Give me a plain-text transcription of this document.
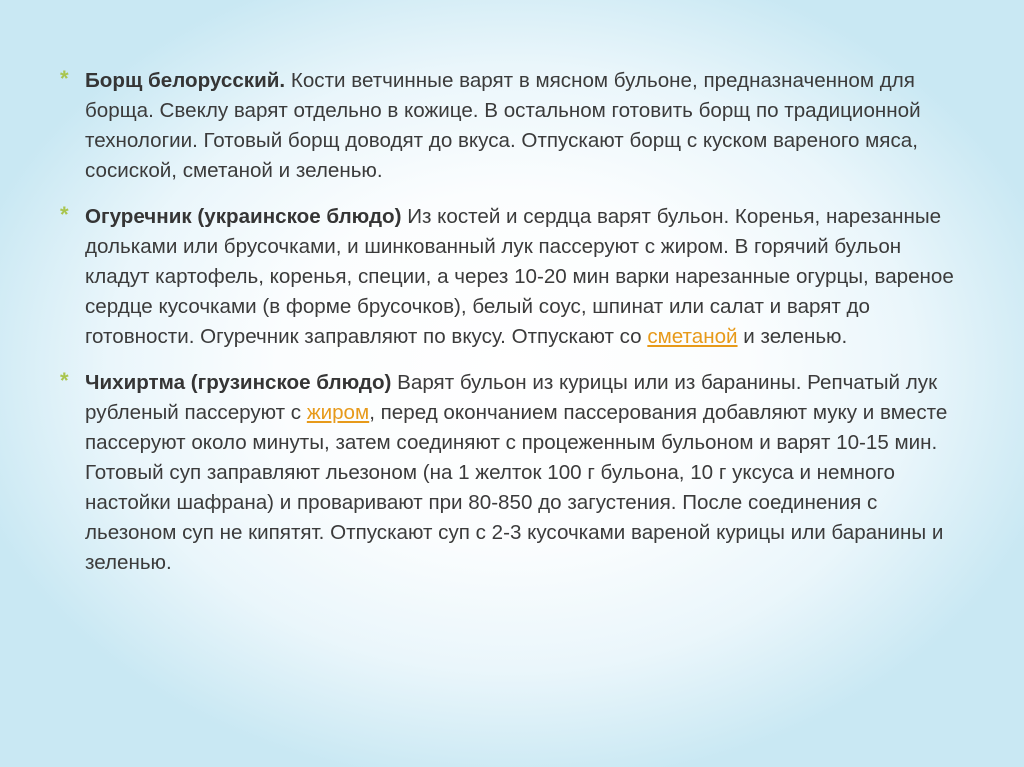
* Борщ белорусский. Кости ветчинные варят в мясном бульоне, предназначенном для борща. Свеклу варят отдельно в кожице. В остальном готовить борщ по традиционной технологии. Готовый борщ доводят до вкуса. Отпускают борщ с куском вареного мяса, сосиской, сметаной и зеленью.
* Огуречник (украинское блюдо) Из костей и сердца варят бульон. Коренья, нарезанные дольками или брусочками, и шинкованный лук пассеруют с жиром. В горячий бульон кладут картофель, коренья, специи, а через 10-20 мин варки нарезанные огурцы, вареное сердце кусочками (в форме брусочков), белый соус, шпинат или салат и варят до готовности. Огуречник заправляют по вкусу. Отпускают со сметаной и зеленью.
* Чихиртма (грузинское блюдо) Варят бульон из курицы или из баранины. Репчатый лук рубленый пассеруют с жиром, перед окончанием пассерования добавляют муку и вместе пассеруют около минуты, затем соединяют с процеженным бульоном и варят 10-15 мин. Готовый суп заправляют льезоном (на 1 желток 100 г бульона, 10 г уксуса и немного настойки шафрана) и проваривают при 80-850 до загустения. После соединения с льезоном суп не кипятят. Отпускают суп с 2-3 кусочками вареной курицы или баранины и зеленью.
